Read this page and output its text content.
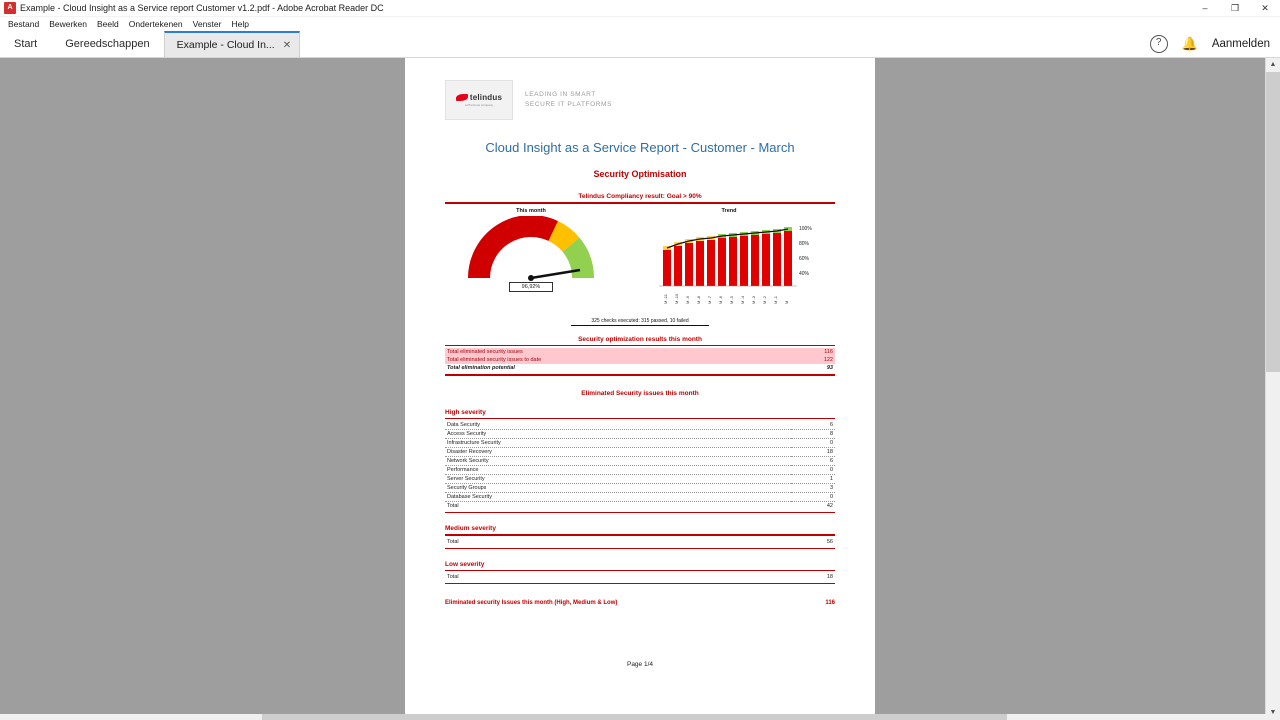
A Example - Cloud Insight as a Service report Customer v1.2.pdf - Adobe Acrobat Reader DC	–	❐	✕
Bestand	Bewerken	Beeld	Ondertekenen	Venster	Help
Start	Gereedschappen	Example - Cloud In... ✕	?	🔔 Aanmelden
telindus
a Proximus company
LEADING IN SMART
SECURE IT PLATFORMS
Cloud Insight as a Service Report - Customer - March
Security Optimisation
Telindus Compliancy result: Goal > 90%
This month
96,92%
Trend
M -11 M -10 M -9 M -8 M -7 M -6 M -5 M -4 M -3 M -2 M -1 M
100%
80%
60%
40%
325 checks executed: 315 passed, 10 failed
Security optimization results this month
Total eliminated security issues	116
Total eliminated security issues to date	122
Total elimination potential	93
Eliminated Security issues this month
High severity
Data Security	6
Access Security	8
Infrastructure Security	0
Disaster Recovery	18
Network Security	6
Performance	0
Server Security	1
Security Groups	3
Database Security	0
Total	42
Medium severity
Total	56
Low severity
Total	18
Eliminated security Issues this month (High, Medium & Low)	116
Page 1/4
▲
▼
